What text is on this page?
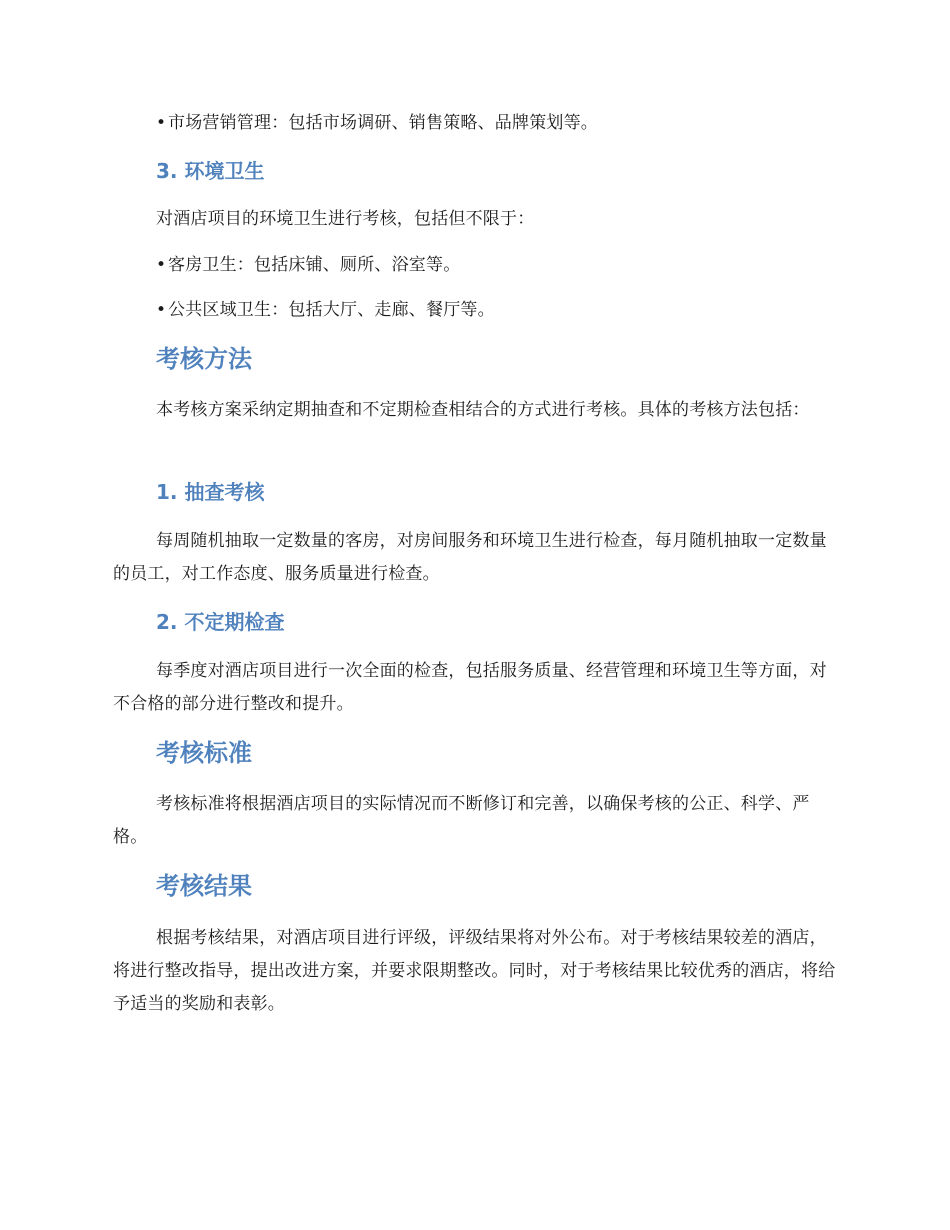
• 市场营销管理：包括市场调研、销售策略、品牌策划等。

3. 环境卫生

对酒店项目的环境卫生进行考核，包括但不限于：

• 客房卫生：包括床铺、厕所、浴室等。

• 公共区域卫生：包括大厅、走廊、餐厅等。

考核方法

本考核方案采纳定期抽查和不定期检查相结合的方式进行考核。具体的考核方法包括：

1. 抽查考核

每周随机抽取一定数量的客房，对房间服务和环境卫生进行检查，每月随机抽取一定数量的员工，对工作态度、服务质量进行检查。

2. 不定期检查

每季度对酒店项目进行一次全面的检查，包括服务质量、经营管理和环境卫生等方面，对不合格的部分进行整改和提升。

考核标准

考核标准将根据酒店项目的实际情况而不断修订和完善，以确保考核的公正、科学、严格。

考核结果

根据考核结果，对酒店项目进行评级，评级结果将对外公布。对于考核结果较差的酒店，将进行整改指导，提出改进方案，并要求限期整改。同时，对于考核结果比较优秀的酒店，将给予适当的奖励和表彰。
